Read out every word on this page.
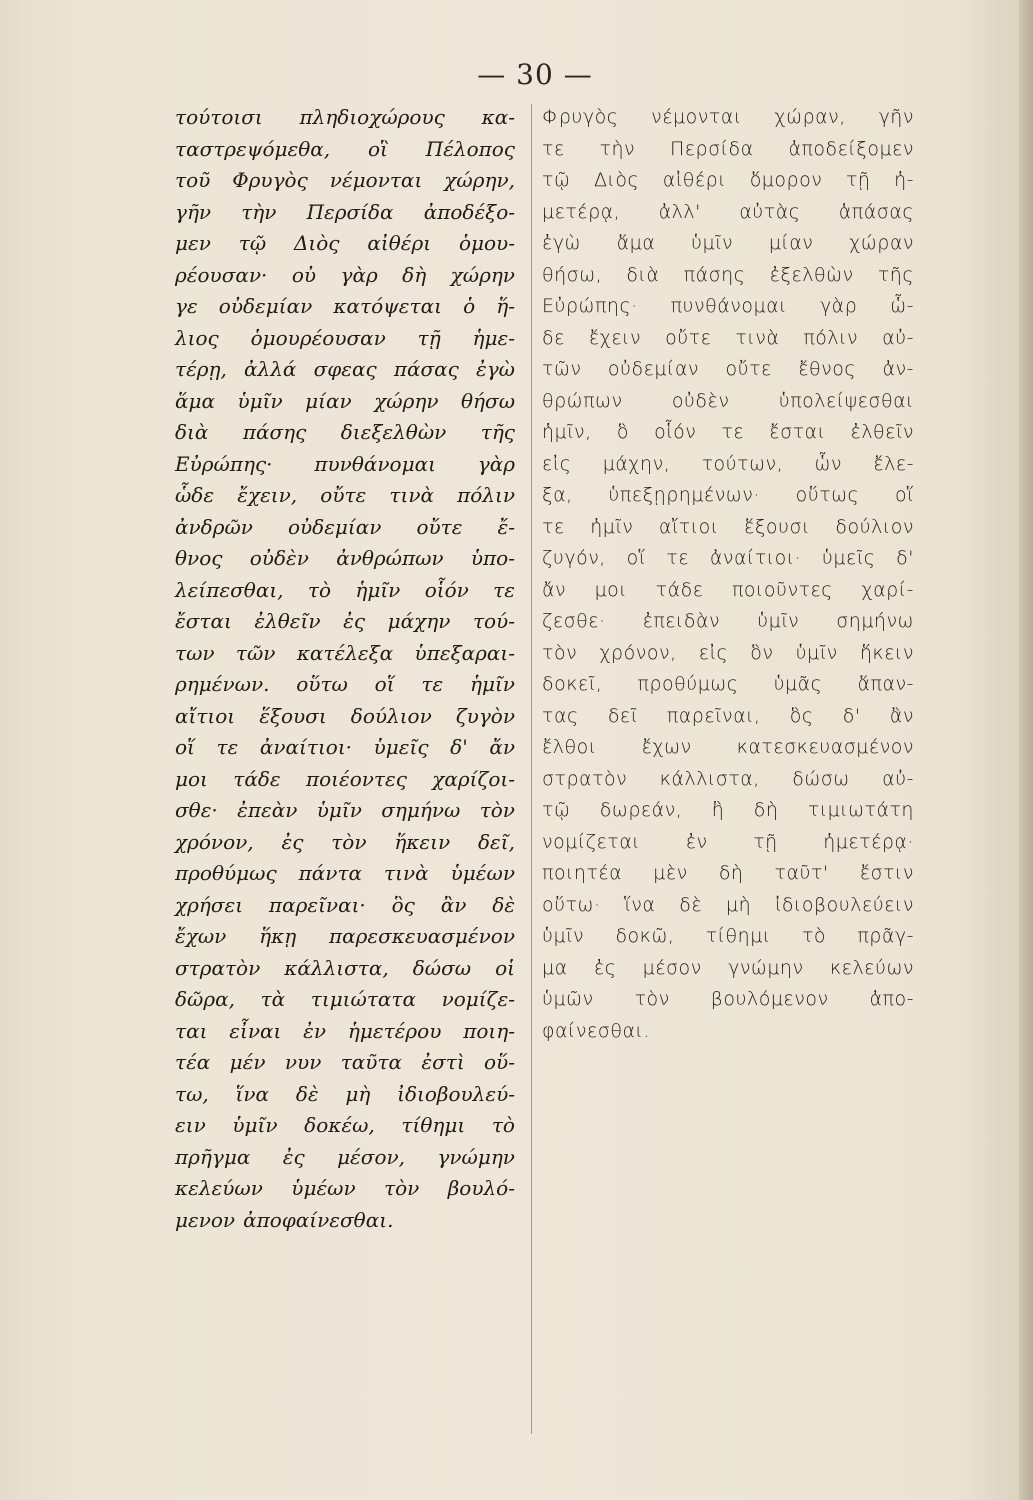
— 30 —
τούτοισι πληδιοχώρους κα-
ταστρεψόμεθα, οἳ Πέλοπος
τοῦ Φρυγὸς νέμονται χώρην,
γῆν τὴν Περσίδα ἀποδέξο-
μεν τῷ Διὸς αἰθέρι ὁμου-
ρέουσαν· οὐ γὰρ δὴ χώρην
γε οὐδεμίαν κατόψεται ὁ ἥ-
λιος ὁμουρέουσαν τῇ ἡμε-
τέρῃ, ἀλλά σφεας πάσας ἐγὼ
ἅμα ὑμῖν μίαν χώρην θήσω
διὰ πάσης διεξελθὼν τῆς
Εὐρώπης· πυνθάνομαι γὰρ
ὧδε ἔχειν, οὔτε τινὰ πόλιν
ἀνδρῶν οὐδεμίαν οὔτε ἔ-
θνος οὐδὲν ἀνθρώπων ὑπο-
λείπεσθαι, τὸ ἡμῖν οἷόν τε
ἔσται ἐλθεῖν ἐς μάχην τού-
των τῶν κατέλεξα ὑπεξαραι-
ρημένων. οὕτω οἵ τε ἡμῖν
αἴτιοι ἕξουσι δούλιον ζυγὸν
οἵ τε ἀναίτιοι· ὑμεῖς δ' ἄν
μοι τάδε ποιέοντες χαρίζοι-
σθε· ἐπεὰν ὑμῖν σημήνω τὸν
χρόνον, ἐς τὸν ἥκειν δεῖ,
προθύμως πάντα τινὰ ὑμέων
χρήσει παρεῖναι· ὃς ἂν δὲ
ἔχων ἥκῃ παρεσκευασμένον
στρατὸν κάλλιστα, δώσω οἱ
δῶρα, τὰ τιμιώτατα νομίζε-
ται εἶναι ἐν ἡμετέρου ποιη-
τέα μέν νυν ταῦτα ἐστὶ οὕ-
τω, ἵνα δὲ μὴ ἰδιοβουλεύ-
ειν ὑμῖν δοκέω, τίθημι τὸ
πρῆγμα ἐς μέσον, γνώμην
κελεύων ὑμέων τὸν βουλό-
μενον ἀποφαίνεσθαι.
Φρυγὸς νέμονται χώραν, γῆν
τε τὴν Περσίδα ἀποδείξομεν
τῷ Διὸς αἰθέρι ὅμορον τῇ ἡ-
μετέρᾳ, ἀλλ' αὐτὰς ἁπάσας
ἐγὼ ἅμα ὑμῖν μίαν χώραν
θήσω, διὰ πάσης ἐξελθὼν τῆς
Εὐρώπης· πυνθάνομαι γὰρ ὧ-
δε ἔχειν οὔτε τινὰ πόλιν αὐ-
τῶν οὐδεμίαν οὔτε ἔθνος ἀν-
θρώπων	οὐδὲν	ὑπολείψεσθαι
ἡμῖν, ὃ οἷόν τε ἔσται ἐλθεῖν
εἰς μάχην, τούτων, ὧν ἔλε-
ξα, ὑπεξῃρημένων· οὕτως οἵ
τε ἡμῖν αἴτιοι ἕξουσι δούλιον
ζυγόν, οἵ τε ἀναίτιοι· ὑμεῖς δ'
ἄν μοι τάδε ποιοῦντες χαρί-
ζεσθε· ἐπειδὰν ὑμῖν σημήνω
τὸν χρόνον, εἰς ὃν ὑμῖν ἥκειν
δοκεῖ, προθύμως ὑμᾶς ἅπαν-
τας δεῖ παρεῖναι, ὃς δ' ἂν
ἔλθοι ἔχων κατεσκευασμένον
στρατὸν κάλλιστα, δώσω αὐ-
τῷ δωρεάν, ἣ δὴ τιμιωτάτη
νομίζεται ἐν τῇ ἡμετέρᾳ·
ποιητέα μὲν δὴ ταῦτ' ἔστιν
οὕτω· ἵνα δὲ μὴ ἰδιοβουλεύειν
ὑμῖν δοκῶ, τίθημι τὸ πρᾶγ-
μα ἐς μέσον γνώμην κελεύων
ὑμῶν τὸν βουλόμενον ἀπο-
φαίνεσθαι.
